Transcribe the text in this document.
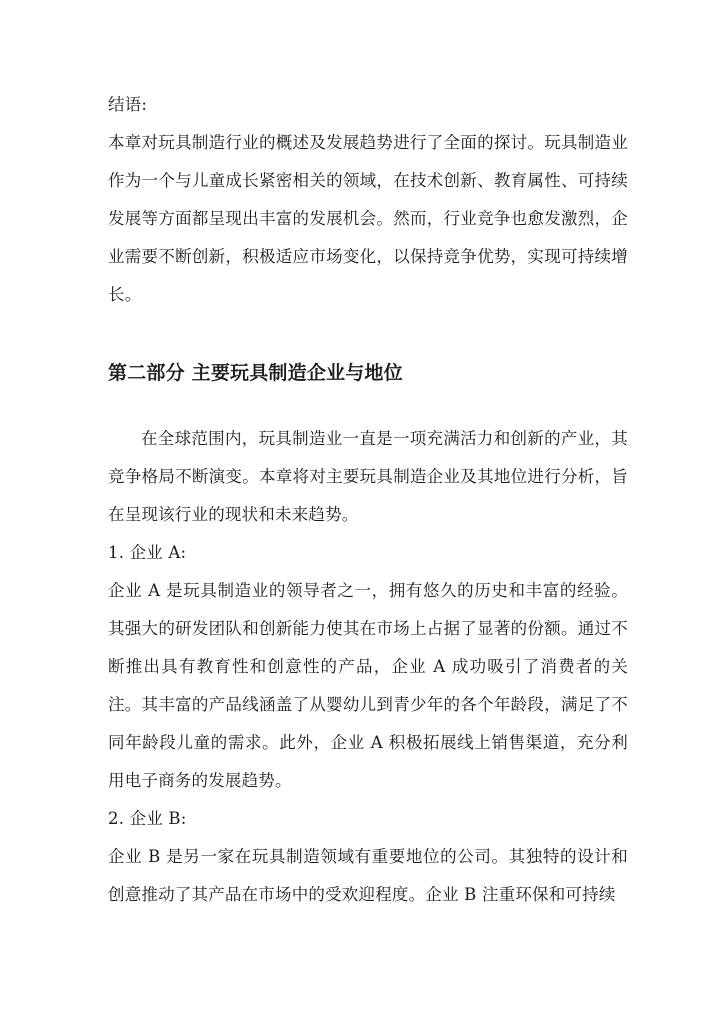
结语:

本章对玩具制造行业的概述及发展趋势进行了全面的探讨。玩具制造业作为一个与儿童成长紧密相关的领域，在技术创新、教育属性、可持续发展等方面都呈现出丰富的发展机会。然而，行业竞争也愈发激烈，企业需要不断创新，积极适应市场变化，以保持竞争优势，实现可持续增长。

第二部分 主要玩具制造企业与地位

在全球范围内，玩具制造业一直是一项充满活力和创新的产业，其竞争格局不断演变。本章将对主要玩具制造企业及其地位进行分析，旨在呈现该行业的现状和未来趋势。

1. 企业 A:

企业 A 是玩具制造业的领导者之一，拥有悠久的历史和丰富的经验。其强大的研发团队和创新能力使其在市场上占据了显著的份额。通过不断推出具有教育性和创意性的产品，企业 A 成功吸引了消费者的关注。其丰富的产品线涵盖了从婴幼儿到青少年的各个年龄段，满足了不同年龄段儿童的需求。此外，企业 A 积极拓展线上销售渠道，充分利用电子商务的发展趋势。

2. 企业 B:

企业 B 是另一家在玩具制造领域有重要地位的公司。其独特的设计和创意推动了其产品在市场中的受欢迎程度。企业 B 注重环保和可持续
